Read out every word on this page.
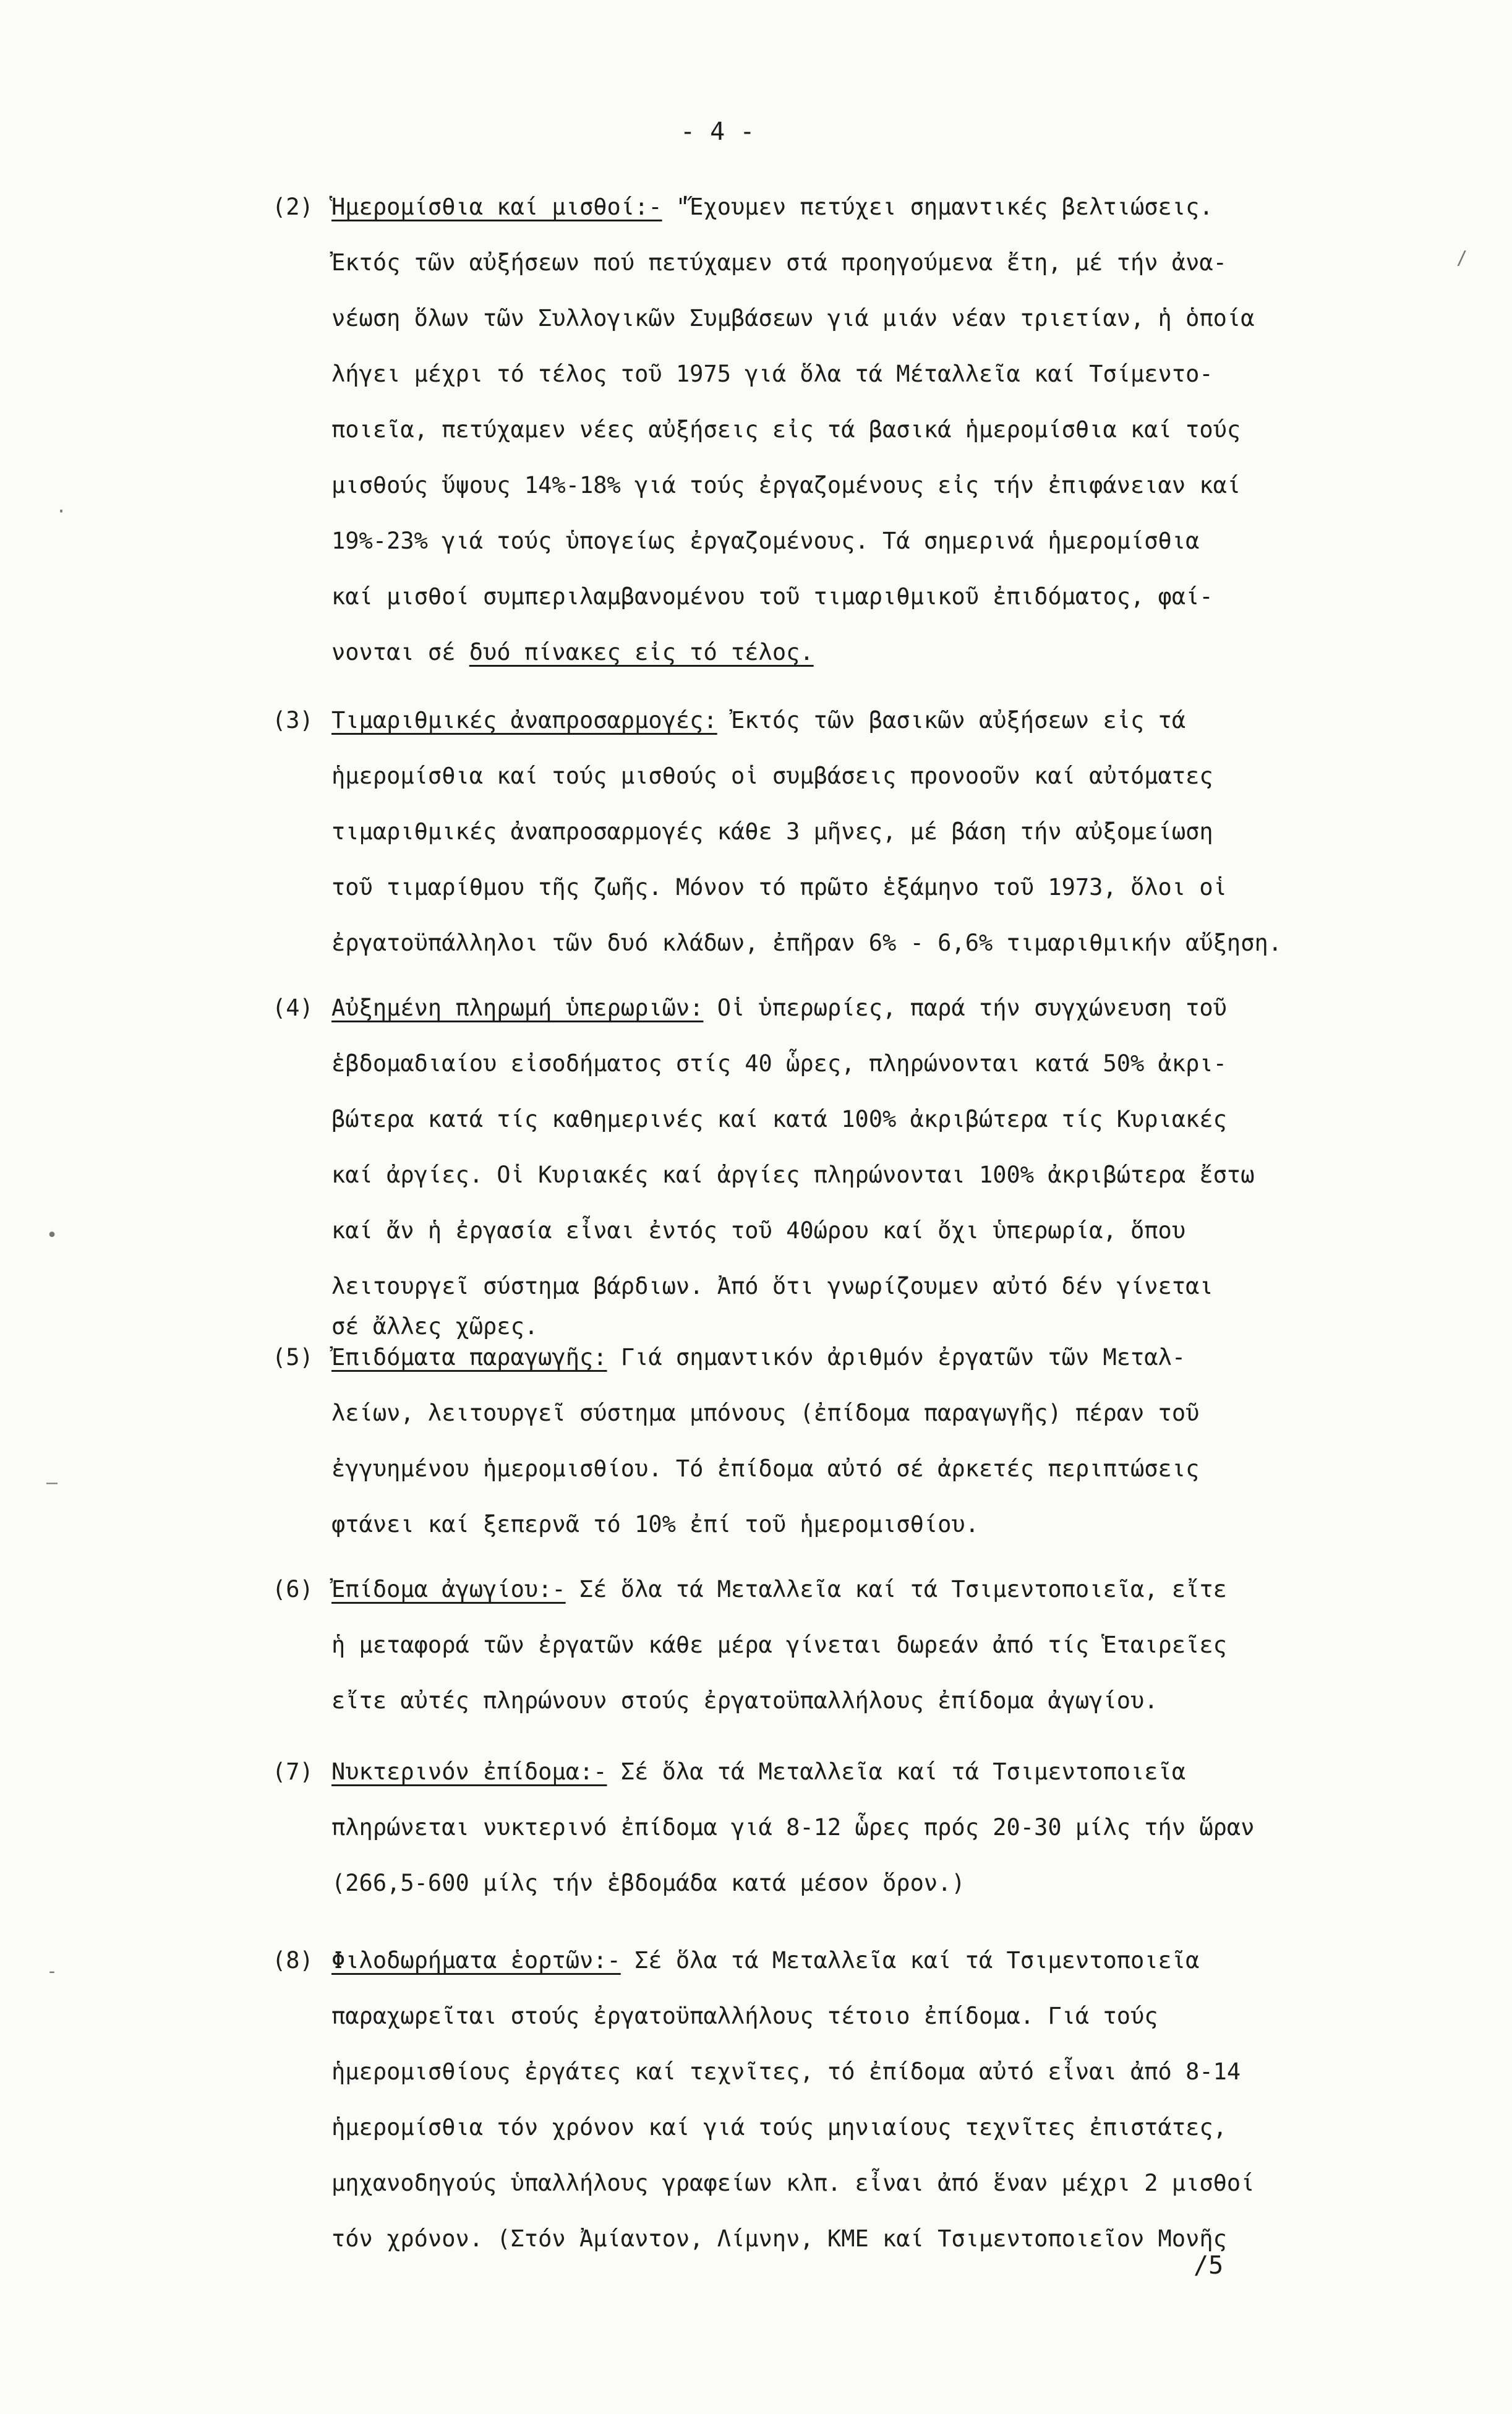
- 4 -
(2) Ἡμερομίσθια καί μισθοί:- "Ἔχουμεν πετύχει σημαντικές βελτιώσεις.
Ἐκτός τῶν αὐξήσεων πού πετύχαμεν στά προηγούμενα ἔτη, μέ τήν ἀνα-
νέωση ὅλων τῶν Συλλογικῶν Συμβάσεων γιά μιάν νέαν τριετίαν, ἡ ὁποία
λήγει μέχρι τό τέλος τοῦ 1975 γιά ὅλα τά Μέταλλεῖα καί Τσίμεντο-
ποιεῖα, πετύχαμεν νέες αὐξήσεις εἰς τά βασικά ἡμερομίσθια καί τούς
μισθούς ὕψους 14%-18% γιά τούς ἐργαζομένους εἰς τήν ἐπιφάνειαν καί
19%-23% γιά τούς ὑπογείως ἐργαζομένους. Τά σημερινά ἡμερομίσθια
καί μισθοί συμπεριλαμβανομένου τοῦ τιμαριθμικοῦ ἐπιδόματος, φαί-
νονται σέ δυό πίνακες εἰς τό τέλος.
(3) Τιμαριθμικές ἀναπροσαρμογές: Ἐκτός τῶν βασικῶν αὐξήσεων εἰς τά
ἡμερομίσθια καί τούς μισθούς οἱ συμβάσεις προνοοῦν καί αὐτόματες
τιμαριθμικές ἀναπροσαρμογές κάθε 3 μῆνες, μέ βάση τήν αὐξομείωση
τοῦ τιμαρίθμου τῆς ζωῆς. Μόνον τό πρῶτο ἑξάμηνο τοῦ 1973, ὅλοι οἱ
ἐργατοϋπάλληλοι τῶν δυό κλάδων, ἐπῆραν 6% - 6,6% τιμαριθμικήν αὔξηση.
(4) Αὐξημένη πληρωμή ὑπερωριῶν: Οἱ ὑπερωρίες, παρά τήν συγχώνευση τοῦ
ἑβδομαδιαίου εἰσοδήματος στίς 40 ὧρες, πληρώνονται κατά 50% ἀκρι-
βώτερα κατά τίς καθημερινές καί κατά 100% ἀκριβώτερα τίς Κυριακές
καί ἀργίες. Οἱ Κυριακές καί ἀργίες πληρώνονται 100% ἀκριβώτερα ἔστω
καί ἄν ἡ ἐργασία εἶναι ἐντός τοῦ 40ώρου καί ὄχι ὑπερωρία, ὅπου
λειτουργεῖ σύστημα βάρδιων. Ἀπό ὅτι γνωρίζουμεν αὐτό δέν γίνεται
σέ ἄλλες χῶρες.
(5) Ἐπιδόματα παραγωγῆς: Γιά σημαντικόν ἀριθμόν ἐργατῶν τῶν Μεταλ-
λείων, λειτουργεῖ σύστημα μπόνους (ἐπίδομα παραγωγῆς) πέραν τοῦ
ἐγγυημένου ἡμερομισθίου. Τό ἐπίδομα αὐτό σέ ἀρκετές περιπτώσεις
φτάνει καί ξεπερνᾶ τό 10% ἐπί τοῦ ἡμερομισθίου.
(6) Ἐπίδομα ἀγωγίου:- Σέ ὅλα τά Μεταλλεῖα καί τά Τσιμεντοποιεῖα, εἴτε
ἡ μεταφορά τῶν ἐργατῶν κάθε μέρα γίνεται δωρεάν ἀπό τίς Ἑταιρεῖες
εἴτε αὐτές πληρώνουν στούς ἐργατοϋπαλλήλους ἐπίδομα ἀγωγίου.
(7) Νυκτερινόν ἐπίδομα:- Σέ ὅλα τά Μεταλλεῖα καί τά Τσιμεντοποιεῖα
πληρώνεται νυκτερινό ἐπίδομα γιά 8-12 ὧρες πρός 20-30 μίλς τήν ὥραν
(266,5-600 μίλς τήν ἑβδομάδα κατά μέσον ὅρον.)
(8) Φιλοδωρήματα ἑορτῶν:- Σέ ὅλα τά Μεταλλεῖα καί τά Τσιμεντοποιεῖα
παραχωρεῖται στούς ἐργατοϋπαλλήλους τέτοιο ἐπίδομα. Γιά τούς
ἡμερομισθίους ἐργάτες καί τεχνῖτες, τό ἐπίδομα αὐτό εἶναι ἀπό 8-14
ἡμερομίσθια τόν χρόνον καί γιά τούς μηνιαίους τεχνῖτες ἐπιστάτες,
μηχανοδηγούς ὑπαλλήλους γραφείων κλπ. εἶναι ἀπό ἕναν μέχρι 2 μισθοί
τόν χρόνον. (Στόν Ἀμίαντον, Λίμνην, ΚΜΕ καί Τσιμεντοποιεῖον Μονῆς
/5
/
·
•
—
-
